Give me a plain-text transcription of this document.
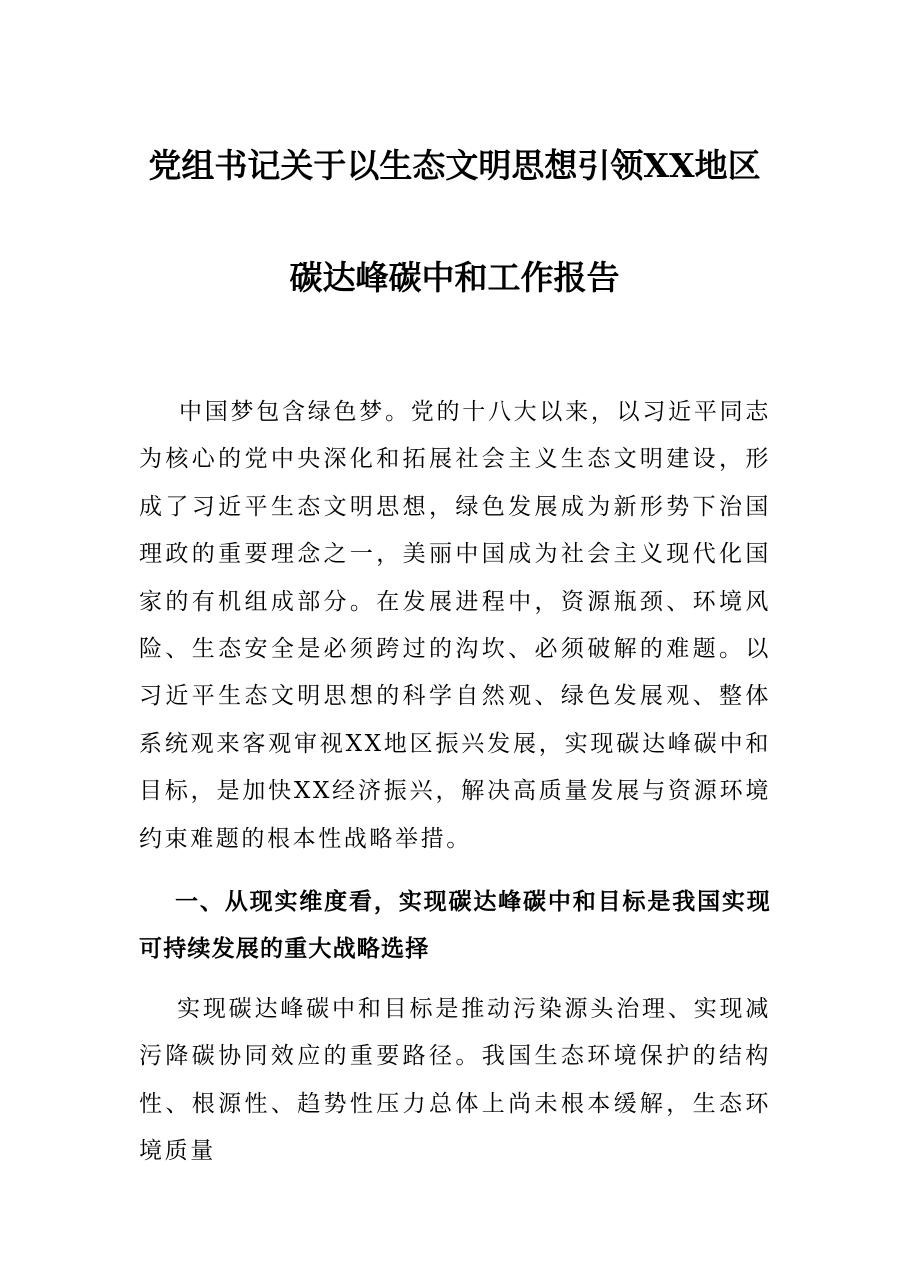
党组书记关于以生态文明思想引领XX地区
碳达峰碳中和工作报告

中国梦包含绿色梦。党的十八大以来，以习近平同志为核心的党中央深化和拓展社会主义生态文明建设，形成了习近平生态文明思想，绿色发展成为新形势下治国理政的重要理念之一，美丽中国成为社会主义现代化国家的有机组成部分。在发展进程中，资源瓶颈、环境风险、生态安全是必须跨过的沟坎、必须破解的难题。以习近平生态文明思想的科学自然观、绿色发展观、整体系统观来客观审视XX地区振兴发展，实现碳达峰碳中和目标，是加快XX经济振兴，解决高质量发展与资源环境约束难题的根本性战略举措。

一、从现实维度看，实现碳达峰碳中和目标是我国实现可持续发展的重大战略选择

实现碳达峰碳中和目标是推动污染源头治理、实现减污降碳协同效应的重要路径。我国生态环境保护的结构性、根源性、趋势性压力总体上尚未根本缓解，生态环境质量
